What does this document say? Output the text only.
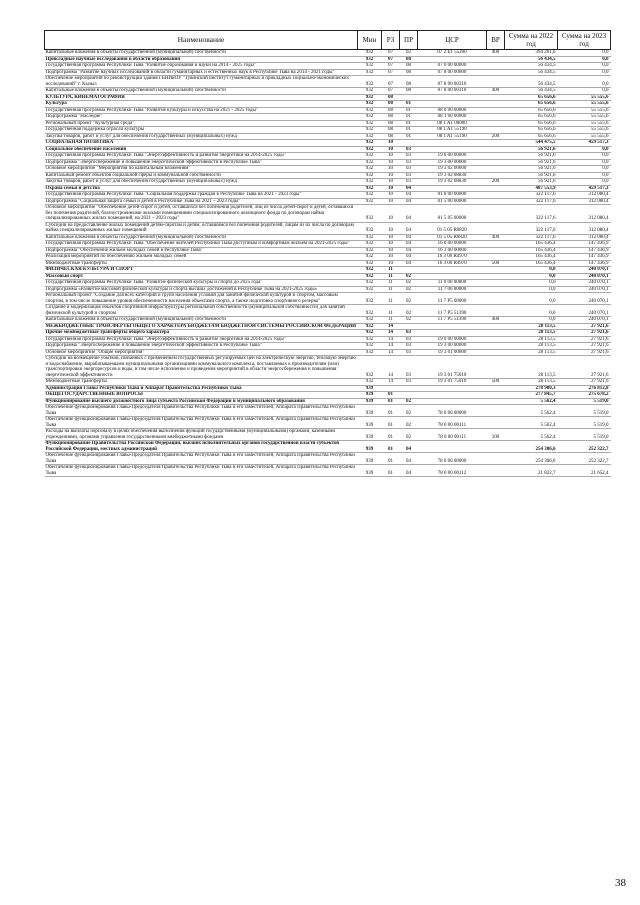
Наименование	Мин	РЗ	ПР	ЦСР	ВР	Сумма на 2022 год	Сумма на 2023 год
Капитальные вложения в объекты государственной (муниципальной) собственности	932	07	02	07 2 E1 55200	400	394 261,6	0,0
Прикладные научные исследования в области образования	932	07	08			56 434,5	0,0
Государственная программа Республики Тыва "Развитие образования и науки на 2014 - 2025 годы"	932	07	08	07 0 00 00000		56 434,5	0,0
Подпрограмма "Развитие научных исследований в области гуманитарных и естественных наук в Республике Тыва на 2014 - 2021 годы"	932	07	08	07 8 00 00000		56 434,5	0,0
Обеспечение мероприятий по реконструкции здания ГБНИиОУ "Тувинский институт гуманитарных и прикладных социально-экономических исследований" г. Кызыл	932	07	08	07 8 00 00310		56 434,5	0,0
Капитальные вложения в объекты государственной (муниципальной) собственности	932	07	08	07 8 00 00310	400	56 434,5	0,0
КУЛЬТУРА, КИНЕМАТОГРАФИЯ	932	08				65 656,6	55 555,6
Культура	932	08	01			65 656,6	55 555,6
Государственная программа Республики Тыва "Развитие культуры и искусства на 2021 - 2025 годы"	932	08	01	08 0 00 00000		65 656,6	55 555,6
Подпрограмма "Наследие"	932	08	01	08 1 00 00000		65 656,6	55 555,6
Региональный проект "Культурная среда"	932	08	01	08 1 A1 00000		65 656,6	55 555,6
Государственная поддержка отрасли культуры	932	08	01	08 1 A1 55190		65 656,6	55 555,6
Закупка товаров, работ и услуг для обеспечения государственных (муниципальных) нужд	932	08	01	08 1 A1 55190	200	65 656,6	55 555,6
СОЦИАЛЬНАЯ ПОЛИТИКА	932	10				544 475,5	459 517,3
Социальное обеспечение населения	932	10	03			56 921,6	0,0
Государственная программа Республики Тыва "Энергоэффективность и развитие энергетики на 2014-2025 годы"	932	10	03	19 0 00 00000		56 921,6	0,0
Подпрограмма "Энергосбережение и повышение энергетической эффективности в Республике Тыва"	932	10	03	19 3 00 00000		56 921,6	0,0
Основное мероприятие "Мероприятия по капитальным вложениям"	932	10	03	19 3 02 00000		56 921,6	0,0
Капитальный ремонт объектов социальной сферы и коммунальной собственности	932	10	03	19 3 02 08830		56 921,6	0,0
Закупка товаров, работ и услуг для обеспечения государственных (муниципальных) нужд	932	10	03	19 3 02 08830	200	56 921,6	0,0
Охрана семьи и детства	932	10	04			487 553,9	459 517,3
Государственная программа Республики Тыва "Социальная поддержка граждан в Республике Тыва на 2021 - 2023 годы"	932	10	04	01 0 00 00000		322 117,6	312 080,4
Подпрограмма "Социальная защита семьи и детей в Республике Тыва на 2021 – 2023 годы"	932	10	04	01 5 00 00000		322 117,6	312 080,4
Основное мероприятие "Обеспечение детей-сирот и детей, оставшихся без попечения родителей, лиц из числа детей-сирот и детей, оставшихся без попечения родителей, благоустроенными жилыми помещениями специализированного жилищного фонда по договорам найма специализированных жилых помещений, на 2021 – 2023 годы"	932	10	04	01 5 05 00000		322 117,6	312 080,4
Субсидии на предоставление жилых помещений детям-сиротам и детям, оставшимся без попечения родителей, лицам из их числа по договорам найма специализированных жилых помещений	932	10	04	01 5 05 R0820		322 117,6	312 080,4
Капитальные вложения в объекты государственной (муниципальной) собственности	932	10	04	01 5 05 R0820	400	322 117,6	312 080,4
Государственная программа Республики Тыва "Обеспечение жителей Республики Тыва доступным и комфортным жильем на 2021-2025 годы"	932	10	04	16 0 00 00000		165 436,4	147 436,9
Подпрограмма "Обеспечение жильем молодых семей в Республике Тыва"	932	10	04	16 3 00 00000		165 436,4	147 436,9
Реализация мероприятий по обеспечению жильем молодых семей	932	10	04	16 3 00 R4970		165 436,4	147 436,9
Межбюджетные трансферты	932	10	04	16 3 00 R4970	500	165 436,4	147 436,9
ФИЗИЧЕСКАЯ КУЛЬТУРА И СПОРТ	932	11				0,0	240 070,1
Массовый спорт	932	11	02			0,0	240 070,1
Государственная программа Республики Тыва "Развитие физической культуры и спорта до 2025 года"	932	11	02	11 0 00 00000		0,0	240 070,1
Подпрограмма «Развитие массовой физической культуры и спорта высших достижений в Республике Тыва на 2021-2025 годы»	932	11	02	11 7 00 00000		0,0	240 070,1
Региональный проект "Создание для всех категорий и групп населения условий для занятий физической культурой и спортом, массовым спортом, в том числе повышение уровня обеспеченности населения объектами спорта, а также подготовка спортивного резерва"	932	11	02	11 7 P5 00000		0,0	240 070,1
Создание и модернизация объектов спортивной инфраструктуры региональной собственности (муниципальной собственности) для занятий физической культурой и спортом	932	11	02	11 7 P5 51390		0,0	240 070,1
Капитальные вложения в объекты государственной (муниципальной) собственности	932	11	02	11 7 P5 51390	400	0,0	240 070,1
МЕЖБЮДЖЕТНЫЕ ТРАНСФЕРТЫ ОБЩЕГО ХАРАКТЕРА БЮДЖЕТАМ БЮДЖЕТНОЙ СИСТЕМЫ РОССИЙСКОЙ ФЕДЕРАЦИИ	932	14				28 113,5	27 921,6
Прочие межбюджетные трансферты общего характера	932	14	03			28 113,5	27 921,6
Государственная программа Республики Тыва "Энергоэффективность и развитие энергетики на 2014-2025 годы"	932	14	03	19 0 00 00000		28 113,5	27 921,6
Подпрограмма "Энергосбережение и повышение энергетической эффективности в Республике Тыва"	932	14	03	19 3 00 00000		28 113,5	27 921,6
Основное мероприятие "Общие мероприятия"	932	14	03	19 3 01 00000		28 113,5	27 921,6
Субсидии на возмещение убытков, связанных с применением государственных регулируемых цен на электрическую энергию, тепловую энергию и водоснабжение, вырабатываемыми муниципальными организациями коммунального комплекса, поставляемых к производителям (или) транспортировки энергоресурсов и воды, в том числе исполнение и проведения мероприятий в области энергосбережения и повышения энергетической эффективности	932	14	03	19 3 01 75010		28 113,5	27 921,6
Межбюджетные трансферты	932	14	03	19 3 01 75010	500	28 113,5	27 921,6
Администрация Главы Республики Тыва и Аппарат Правительства Республики Тыва	939					278 980,3	276 812,8
ОБЩЕГОСУДАРСТВЕННЫЕ ВОПРОСЫ	939	01				277 845,7	275 678,2
Функционирование высшего должностного лица субъекта Российской Федерации и муниципального образования	939	01	02			5 562,4	5 519,0
Обеспечение функционирования Главы-Председателя Правительства Республики Тыва и его заместителей, Аппарата Правительства Республики Тыва	939	01	02	78 0 00 00000		5 562,4	5 519,0
Обеспечение функционирования Главы-Председателя Правительства Республики Тыва и его заместителей, Аппарата Правительства Республики Тыва	939	01	02	78 0 00 00111		5 562,4	5 519,0
Расходы на выплаты персоналу в целях обеспечения выполнения функций государственными (муниципальными) органами, казенными учреждениями, органами управления государственными внебюджетными фондами	939	01	02	78 0 00 00111	100	5 562,4	5 519,0
Функционирование Правительства Российской Федерации, высших исполнительных органов государственной власти субъектов Российской Федерации, местных администраций	939	01	04			254 306,6	252 322,7
Обеспечение функционирования Главы-Председателя Правительства Республики Тыва и его заместителей, Аппарата Правительства Республики Тыва	939	01	04	78 0 00 00000		254 306,6	252 322,7
Обеспечение функционирования Главы-Председателя Правительства Республики Тыва и его заместителей, Аппарата Правительства Республики Тыва	939	01	04	78 0 00 00112		21 822,7	21 652,4
38
